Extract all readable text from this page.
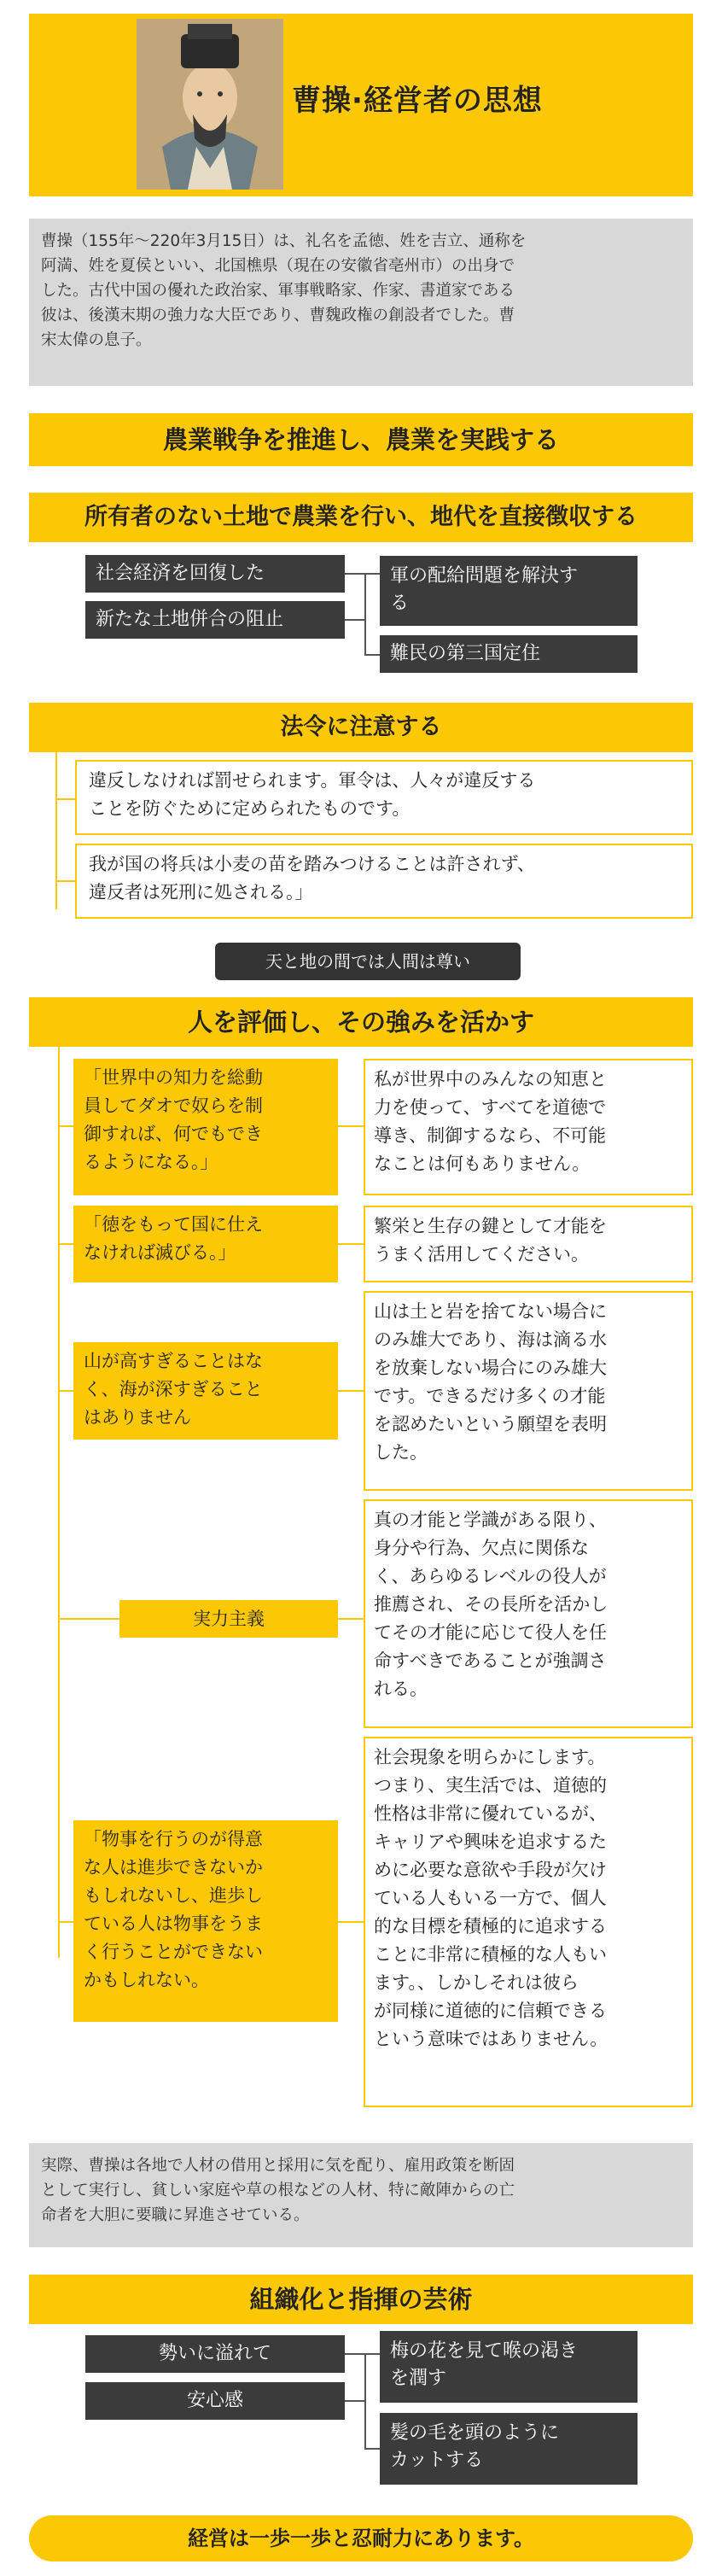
曹操·経営者の思想
曹操（155年～220年3月15日）は、礼名を孟徳、姓を吉立、通称を
阿満、姓を夏侯といい、北国樵県（現在の安徽省亳州市）の出身で
した。古代中国の優れた政治家、軍事戦略家、作家、書道家である
彼は、後漢末期の強力な大臣であり、曹魏政権の創設者でした。曹
宋太偉の息子。
農業戦争を推進し、農業を実践する
所有者のない土地で農業を行い、地代を直接徴収する
社会経済を回復した
新たな土地併合の阻止
軍の配給問題を解決す
る
難民の第三国定住
法令に注意する
違反しなければ罰せられます。軍令は、人々が違反する
ことを防ぐために定められたものです。
我が国の将兵は小麦の苗を踏みつけることは許されず、
違反者は死刑に処される。」
天と地の間では人間は尊い
人を評価し、その強みを活かす
「世界中の知力を総動
員してダオで奴らを制
御すれば、何でもでき
るようになる。」
私が世界中のみんなの知恵と
力を使って、すべてを道徳で
導き、制御するなら、不可能
なことは何もありません。
「徳をもって国に仕え
なければ滅びる。」
繁栄と生存の鍵として才能を
うまく活用してください。
山が高すぎることはな
く、海が深すぎること
はありません
山は土と岩を捨てない場合に
のみ雄大であり、海は滴る水
を放棄しない場合にのみ雄大
です。できるだけ多くの才能
を認めたいという願望を表明
した。
実力主義
真の才能と学識がある限り、
身分や行為、欠点に関係な
く、あらゆるレベルの役人が
推薦され、その長所を活かし
てその才能に応じて役人を任
命すべきであることが強調さ
れる。
「物事を行うのが得意
な人は進歩できないか
もしれないし、進歩し
ている人は物事をうま
く行うことができない
かもしれない。
社会現象を明らかにします。
つまり、実生活では、道徳的
性格は非常に優れているが、
キャリアや興味を追求するた
めに必要な意欲や手段が欠け
ている人もいる一方で、個人
的な目標を積極的に追求する
ことに非常に積極的な人もい
ます。、しかしそれは彼ら
が同様に道徳的に信頼できる
という意味ではありません。
実際、曹操は各地で人材の借用と採用に気を配り、雇用政策を断固
として実行し、貧しい家庭や草の根などの人材、特に敵陣からの亡
命者を大胆に要職に昇進させている。
組織化と指揮の芸術
勢いに溢れて
安心感
梅の花を見て喉の渇き
を潤す
髪の毛を頭のように
カットする
経営は一歩一歩と忍耐力にあります。
